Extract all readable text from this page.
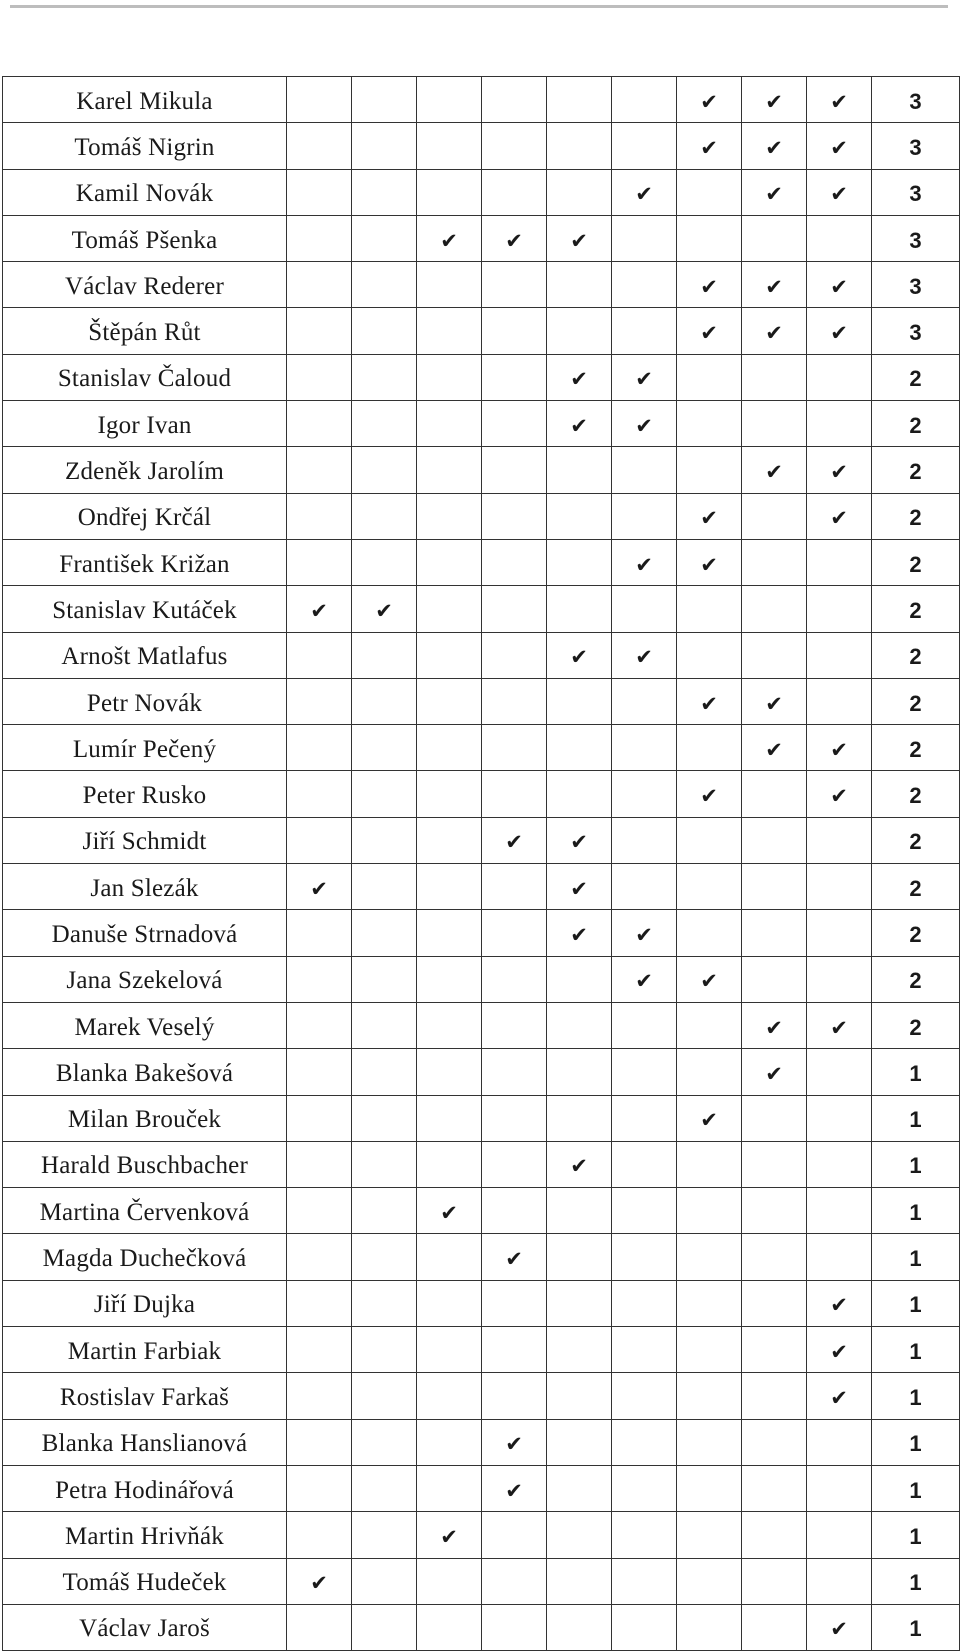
Karel Mikula							✔	✔	✔	3
Tomáš Nigrin							✔	✔	✔	3
Kamil Novák						✔		✔	✔	3
Tomáš Pšenka			✔	✔	✔					3
Václav Rederer							✔	✔	✔	3
Štěpán Růt							✔	✔	✔	3
Stanislav Čaloud					✔	✔				2
Igor Ivan					✔	✔				2
Zdeněk Jarolím								✔	✔	2
Ondřej Krčál							✔		✔	2
František Križan						✔	✔			2
Stanislav Kutáček	✔	✔								2
Arnošt Matlafus					✔	✔				2
Petr Novák							✔	✔		2
Lumír Pečený								✔	✔	2
Peter Rusko							✔		✔	2
Jiří Schmidt				✔	✔					2
Jan Slezák	✔				✔					2
Danuše Strnadová					✔	✔				2
Jana Szekelová						✔	✔			2
Marek Veselý								✔	✔	2
Blanka Bakešová								✔		1
Milan Brouček							✔			1
Harald Buschbacher					✔					1
Martina Červenková			✔							1
Magda Duchečková				✔						1
Jiří Dujka									✔	1
Martin Farbiak									✔	1
Rostislav Farkaš									✔	1
Blanka Hanslianová				✔						1
Petra Hodinářová				✔						1
Martin Hrivňák			✔							1
Tomáš Hudeček	✔									1
Václav Jaroš									✔	1
